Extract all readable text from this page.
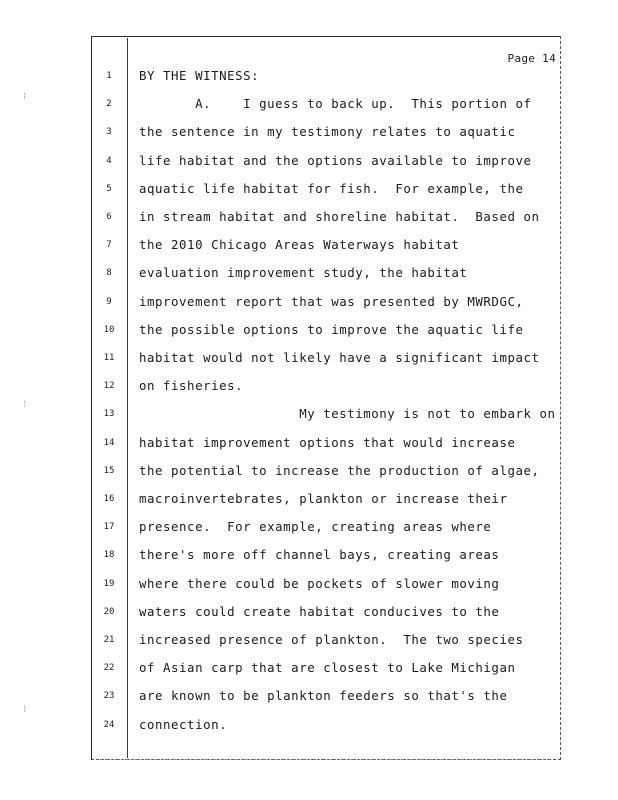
⁞
⁞
⁞
Page 14
1	BY THE WITNESS:
2	A.    I guess to back up.  This portion of
3	the sentence in my testimony relates to aquatic
4	life habitat and the options available to improve
5	aquatic life habitat for fish.  For example, the
6	in stream habitat and shoreline habitat.  Based on
7	the 2010 Chicago Areas Waterways habitat
8	evaluation improvement study, the habitat
9	improvement report that was presented by MWRDGC,
10	the possible options to improve the aquatic life
11	habitat would not likely have a significant impact
12	on fisheries.
13	My testimony is not to embark on
14	habitat improvement options that would increase
15	the potential to increase the production of algae,
16	macroinvertebrates, plankton or increase their
17	presence.  For example, creating areas where
18	there's more off channel bays, creating areas
19	where there could be pockets of slower moving
20	waters could create habitat conducives to the
21	increased presence of plankton.  The two species
22	of Asian carp that are closest to Lake Michigan
23	are known to be plankton feeders so that's the
24	connection.
